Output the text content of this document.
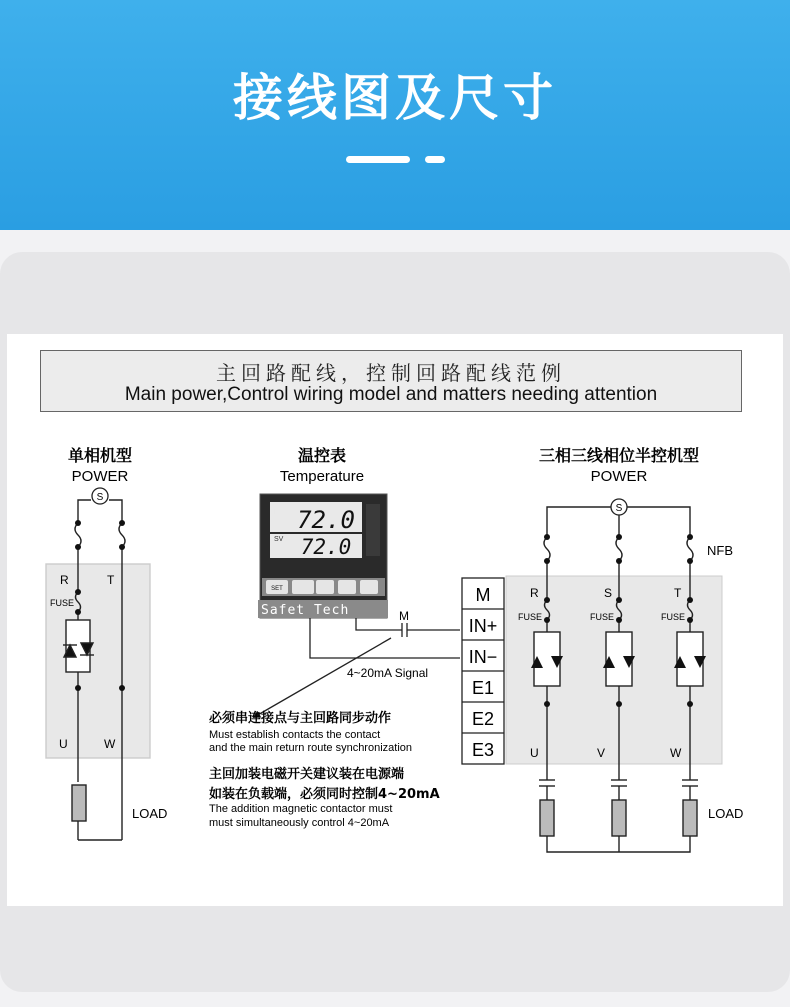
接线图及尺寸
主回路配线，控制回路配线范例
Main power,Control wiring model and matters needing attention
S
单相机型
POWER
R	T
FUSE
U	W
LOAD
温控表
Temperature
PV
SV
72.0
72.0
SET
Safet Tech	M
4~20mA Signal
M
IN+
IN−
E1
E2
E3
必须串连接点与主回路同步动作
Must establish contacts the contact
and the main return route synchronization
主回加装电磁开关建议装在电源端
如装在负载端，必须同时控制4~20mA
The addition magnetic contactor must
must simultaneously control 4~20mA
三相三线相位半控机型
POWER
S
NFB
R	S	T
FUSE	FUSE	FUSE
U	V	W
LOAD
